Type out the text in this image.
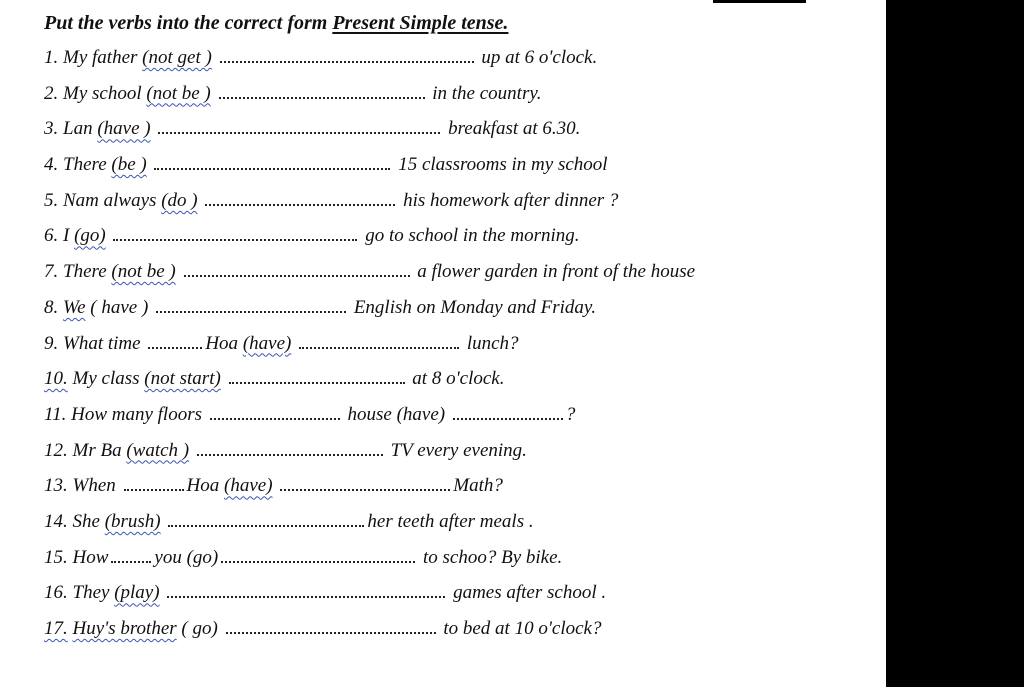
Put the verbs into the correct form Present Simple tense.
1. My father (not get )	up at 6 o'clock.
2. My school (not be )	in the country.
3. Lan (have )	breakfast at 6.30.
4. There (be )	15 classrooms in my school
5. Nam always (do )	his homework after dinner ?
6. I (go)	go to school in the morning.
7. There (not be )	a flower garden in front of the house
8. We ( have )	English on Monday and Friday.
9. What time	Hoa (have)	lunch?
10. My class (not start)	at 8 o'clock.
11. How many floors	house (have)	?
12. Mr Ba (watch )	TV every evening.
13. When	Hoa (have)	Math?
14. She (brush)	her teeth after meals .
15. How you (go)	to schoo? By bike.
16. They (play)	games after school .
17. Huy's brother ( go)	to bed at 10 o'clock?
